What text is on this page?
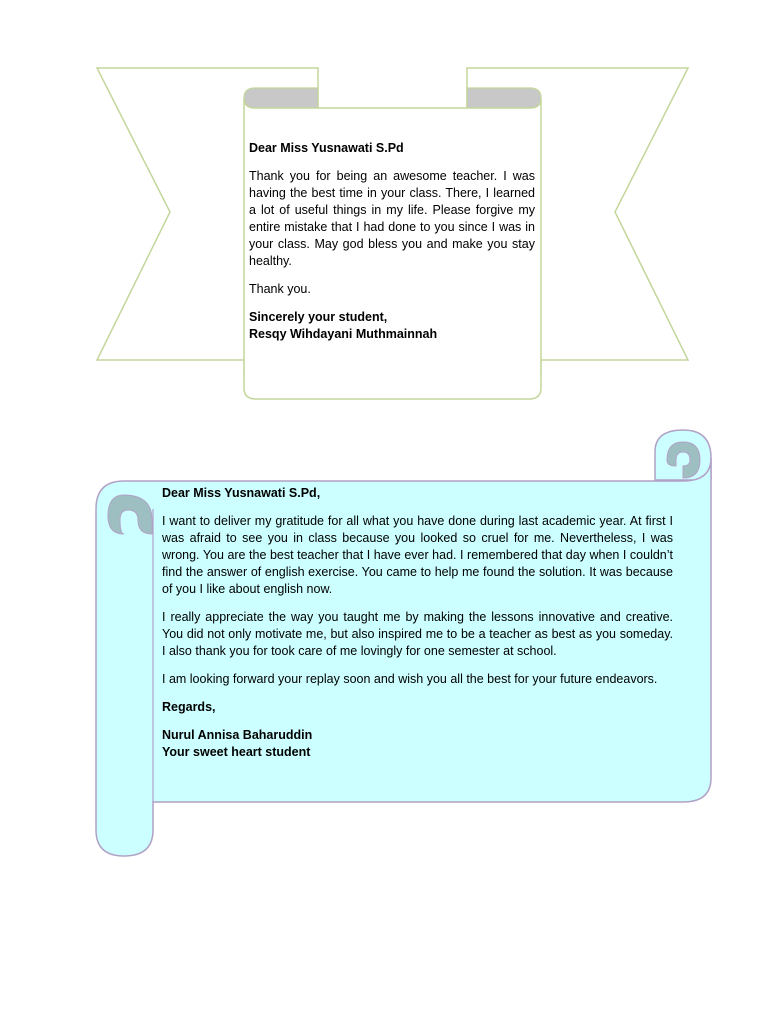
Dear Miss Yusnawati S.Pd

Thank you for being an awesome teacher. I was having the best time in your class. There, I learned a lot of useful things in my life. Please forgive my entire mistake that I had done to you since I was in your class. May god bless you and make you stay healthy.

Thank you.

Sincerely your student,
Resqy Wihdayani Muthmainnah

Dear Miss Yusnawati S.Pd,

I want to deliver my gratitude for all what you have done during last academic year. At first I was afraid to see you in class because you looked so cruel for me. Nevertheless, I was wrong. You are the best teacher that I have ever had. I remembered that day when I couldn’t find the answer of english exercise. You came to help me found the solution. It was because of you I like about english now.

I really appreciate the way you taught me by making the lessons innovative and creative. You did not only motivate me, but also inspired me to be a teacher as best as you someday. I also thank you for took care of me lovingly for one semester at school.

I am looking forward your replay soon and wish you all the best for your future endeavors.

Regards,

Nurul Annisa Baharuddin
Your sweet heart student
